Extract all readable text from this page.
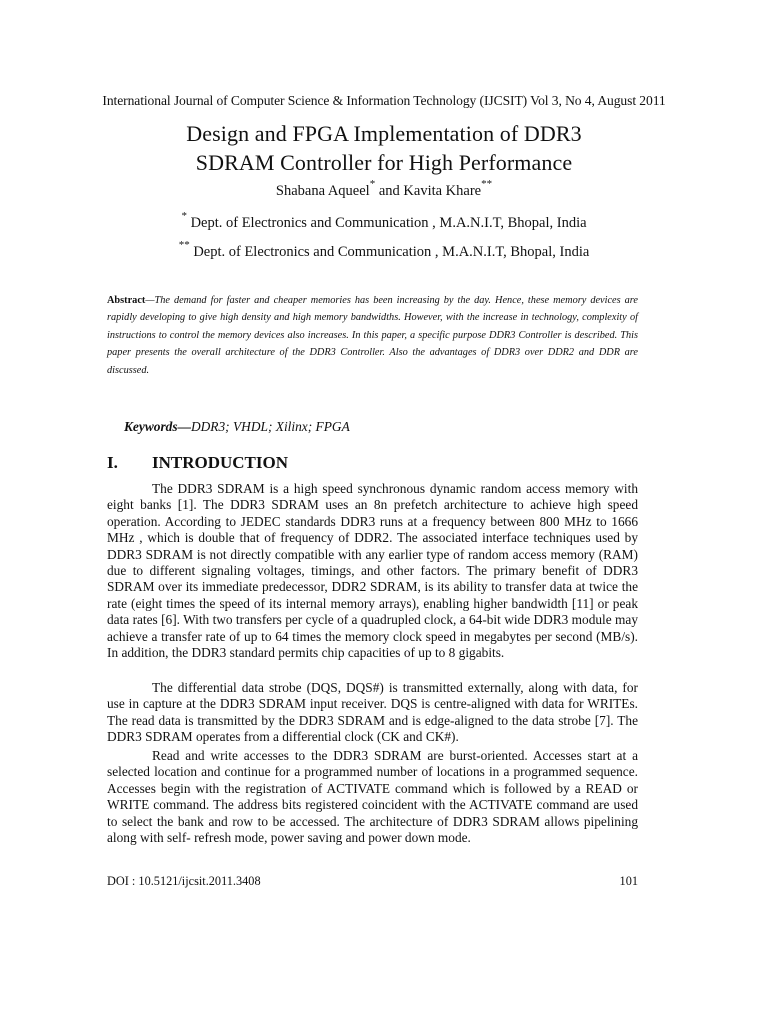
International Journal of Computer Science & Information Technology (IJCSIT) Vol 3, No 4, August 2011
Design and FPGA Implementation of DDR3
SDRAM Controller for High Performance
Shabana Aqueel* and Kavita Khare**
* Dept. of Electronics and Communication , M.A.N.I.T, Bhopal, India
** Dept. of Electronics and Communication , M.A.N.I.T, Bhopal, India
Abstract—The demand for faster and cheaper memories has been increasing by the day. Hence, these memory devices are rapidly developing to give high density and high memory bandwidths. However, with the increase in technology, complexity of instructions to control the memory devices also increases. In this paper, a specific purpose DDR3 Controller is described. This paper presents the overall architecture of the DDR3 Controller. Also the advantages of DDR3 over DDR2 and DDR are discussed.
Keywords—DDR3; VHDL; Xilinx; FPGA
I.	INTRODUCTION

The DDR3 SDRAM is a high speed synchronous dynamic random access memory with eight banks [1]. The DDR3 SDRAM uses an 8n prefetch architecture to achieve high speed operation. According to JEDEC standards DDR3 runs at a frequency between 800 MHz to 1666 MHz , which is double that of frequency of DDR2. The associated interface techniques used by DDR3 SDRAM is not directly compatible with any earlier type of random access memory (RAM) due to different signaling voltages, timings, and other factors. The primary benefit of DDR3 SDRAM over its immediate predecessor, DDR2 SDRAM, is its ability to transfer data at twice the rate (eight times the speed of its internal memory arrays), enabling higher bandwidth [11] or peak data rates [6]. With two transfers per cycle of a quadrupled clock, a 64-bit wide DDR3 module may achieve a transfer rate of up to 64 times the memory clock speed in megabytes per second (MB/s). In addition, the DDR3 standard permits chip capacities of up to 8 gigabits.

The differential data strobe (DQS, DQS#) is transmitted externally, along with data, for use in capture at the DDR3 SDRAM input receiver. DQS is centre-aligned with data for WRITEs. The read data is transmitted by the DDR3 SDRAM and is edge-aligned to the data strobe [7]. The DDR3 SDRAM operates from a differential clock (CK and CK#).

Read and write accesses to the DDR3 SDRAM are burst-oriented. Accesses start at a selected location and continue for a programmed number of locations in a programmed sequence. Accesses begin with the registration of ACTIVATE command which is followed by a READ or WRITE command. The address bits registered coincident with the ACTIVATE command are used to select the bank and row to be accessed. The architecture of DDR3 SDRAM allows pipelining along with self- refresh mode, power saving and power down mode.

DOI : 10.5121/ijcsit.2011.3408	101
